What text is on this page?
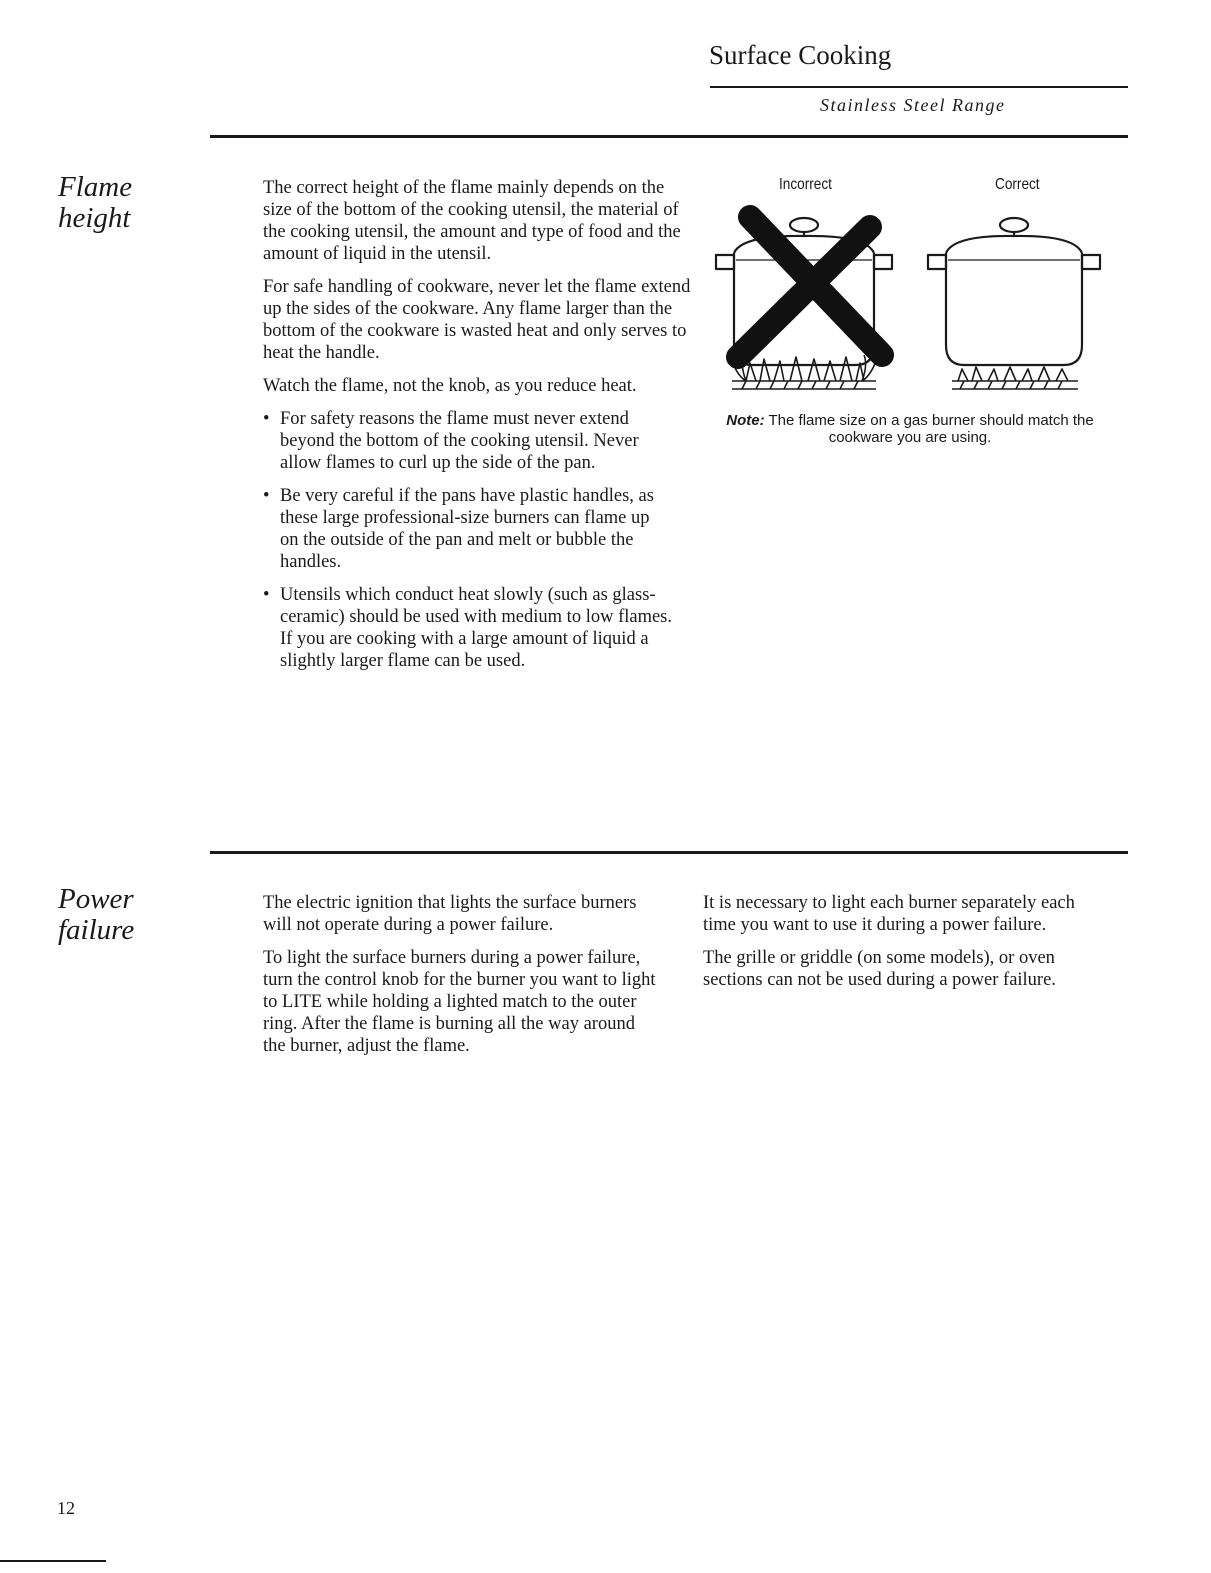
Surface Cooking
Stainless Steel Range
Flame
height

The correct height of the flame mainly depends on the size of the bottom of the cooking utensil, the material of the cooking utensil, the amount and type of food and the amount of liquid in the utensil.

For safe handling of cookware, never let the flame extend up the sides of the cookware. Any flame larger than the bottom of the cookware is wasted heat and only serves to heat the handle.

Watch the flame, not the knob, as you reduce heat.

• For safety reasons the flame must never extend beyond the bottom of the cooking utensil. Never allow flames to curl up the side of the pan.
• Be very careful if the pans have plastic handles, as these large professional-size burners can flame up on the outside of the pan and melt or bubble the handles.
• Utensils which conduct heat slowly (such as glass-ceramic) should be used with medium to low flames. If you are cooking with a large amount of liquid a slightly larger flame can be used.
Incorrect	Correct
Note: The flame size on a gas burner should match the cookware you are using.
Power
failure

The electric ignition that lights the surface burners will not operate during a power failure.

To light the surface burners during a power failure, turn the control knob for the burner you want to light to LITE while holding a lighted match to the outer ring. After the flame is burning all the way around the burner, adjust the flame.

It is necessary to light each burner separately each time you want to use it during a power failure.

The grille or griddle (on some models), or oven sections can not be used during a power failure.

12
